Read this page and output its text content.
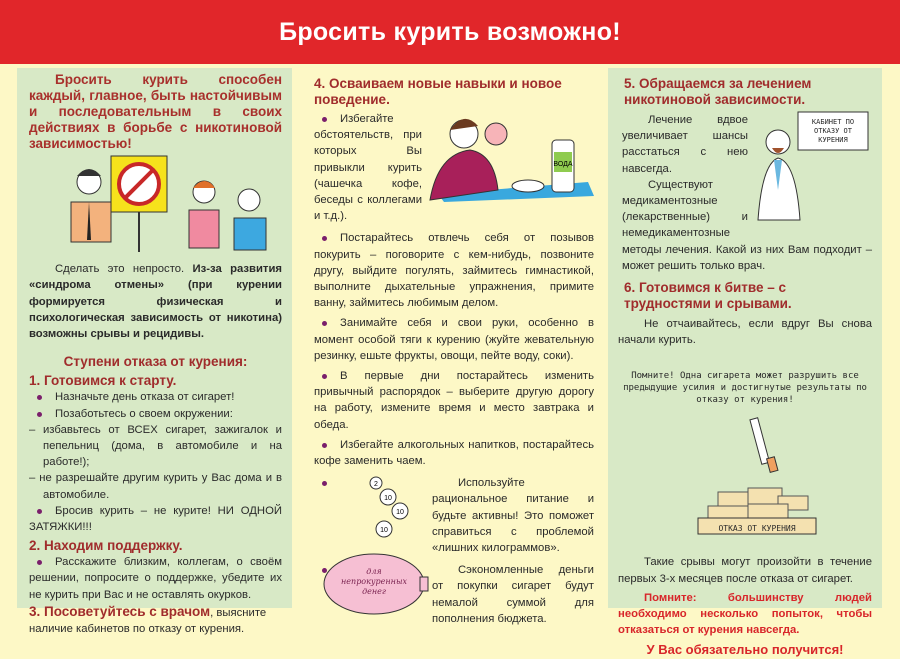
Бросить курить возможно!

Бросить курить способен каждый, главное, быть настойчивым и последовательным в своих действиях в борьбе с никотиновой зависимостью!

Сделать это непросто. Из-за развития «синдрома отмены» (при курении формируется физическая и психологическая зависимость от никотина) возможны срывы и рецидивы.

Ступени отказа от курения:

1. Готовимся к старту.

Назначьте день отказа от сигарет!

Позаботьтесь о своем окружении:

– избавьтесь от ВСЕХ сигарет, зажигалок и пепельниц (дома, в автомобиле и на работе!);

– не разрешайте другим курить у Вас дома и в автомобиле.

Бросив курить – не курите! НИ ОДНОЙ ЗАТЯЖКИ!!!

2. Находим поддержку.

Расскажите близким, коллегам, о своём решении, попросите о поддержке, убедите их не курить при Вас и не оставлять окурков.

3. Посоветуйтесь с врачом, выясните наличие кабинетов по отказу от курения.

4. Осваиваем новые навыки и новое поведение.

ВОДА

Избегайте обстоятельств, при которых Вы привыкли курить (чашечка кофе, беседы с коллегами и т.д.).

Постарайтесь отвлечь себя от позывов покурить – поговорите с кем-нибудь, позвоните другу, выйдите погулять, займитесь гимнастикой, выполните дыхательные упражнения, примите ванну, займитесь любимым делом.

Занимайте себя и свои руки, особенно в момент особой тяги к курению (жуйте жевательную резинку, ешьте фрукты, овощи, пейте воду, соки).

В первые дни постарайтесь изменить привычный распорядок – выберите другую дорогу на работу, измените время и место завтрака и обеда.

Избегайте алкогольных напитков, постарайтесь кофе заменить чаем.

2
10
10
10
для непрокуренных денег

Используйте рациональное питание и будьте активны! Это поможет справиться с проблемой «лишних килограммов».

Сэкономленные деньги от покупки сигарет будут немалой суммой для пополнения бюджета.

5. Обращаемся за лечением никотиновой зависимости.

КАБИНЕТ ПО ОТКАЗУ ОТ КУРЕНИЯ

Лечение вдвое увеличивает шансы расстаться с нею навсегда.

Существуют медикаментозные (лекарственные) и немедикаментозные методы лечения. Какой из них Вам подходит – может решить только врач.

6. Готовимся к битве – с трудностями и срывами.

Не отчаивайтесь, если вдруг Вы снова начали курить.

Помните! Одна сигарета может разрушить все предыдущие усилия и достигнутые результаты по отказу от курения!

ОТКАЗ ОТ КУРЕНИЯ

Такие срывы могут произойти в течение первых 3-х месяцев после отказа от сигарет.

Помните: большинству людей необходимо несколько попыток, чтобы отказаться от курения навсегда.

У Вас обязательно получится!
